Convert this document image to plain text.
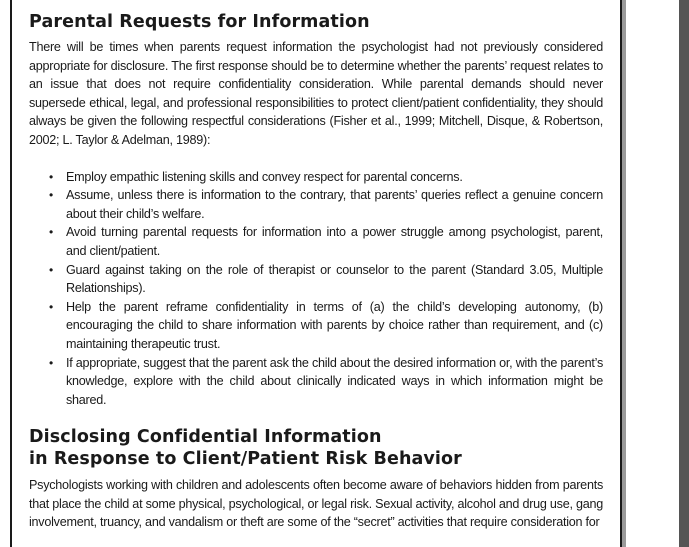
Parental Requests for Information

There will be times when parents request information the psychologist had not previously considered appropriate for disclosure. The first response should be to determine whether the parents’ request relates to an issue that does not require confidentiality consideration. While parental demands should never supersede ethical, legal, and professional responsibilities to protect client/patient confidentiality, they should always be given the following respectful considerations (Fisher et al., 1999; Mitchell, Disque, & Robertson, 2002; L. Taylor & Adelman, 1989):

• Employ empathic listening skills and convey respect for parental concerns.
• Assume, unless there is information to the contrary, that parents’ queries reflect a genuine concern about their child’s welfare.
• Avoid turning parental requests for information into a power struggle among psychologist, parent, and client/patient.
• Guard against taking on the role of therapist or counselor to the parent (Standard 3.05, Multiple Relationships).
• Help the parent reframe confidentiality in terms of (a) the child’s developing autonomy, (b) encouraging the child to share information with parents by choice rather than requirement, and (c) maintaining therapeutic trust.
• If appropriate, suggest that the parent ask the child about the desired information or, with the parent’s knowledge, explore with the child about clinically indicated ways in which information might be shared.
Disclosing Confidential Information
in Response to Client/Patient Risk Behavior

Psychologists working with children and adolescents often become aware of behaviors hidden from parents that place the child at some physical, psychological, or legal risk. Sexual activity, alcohol and drug use, gang involvement, truancy, and vandalism or theft are some of the “secret” activities that require consideration for
